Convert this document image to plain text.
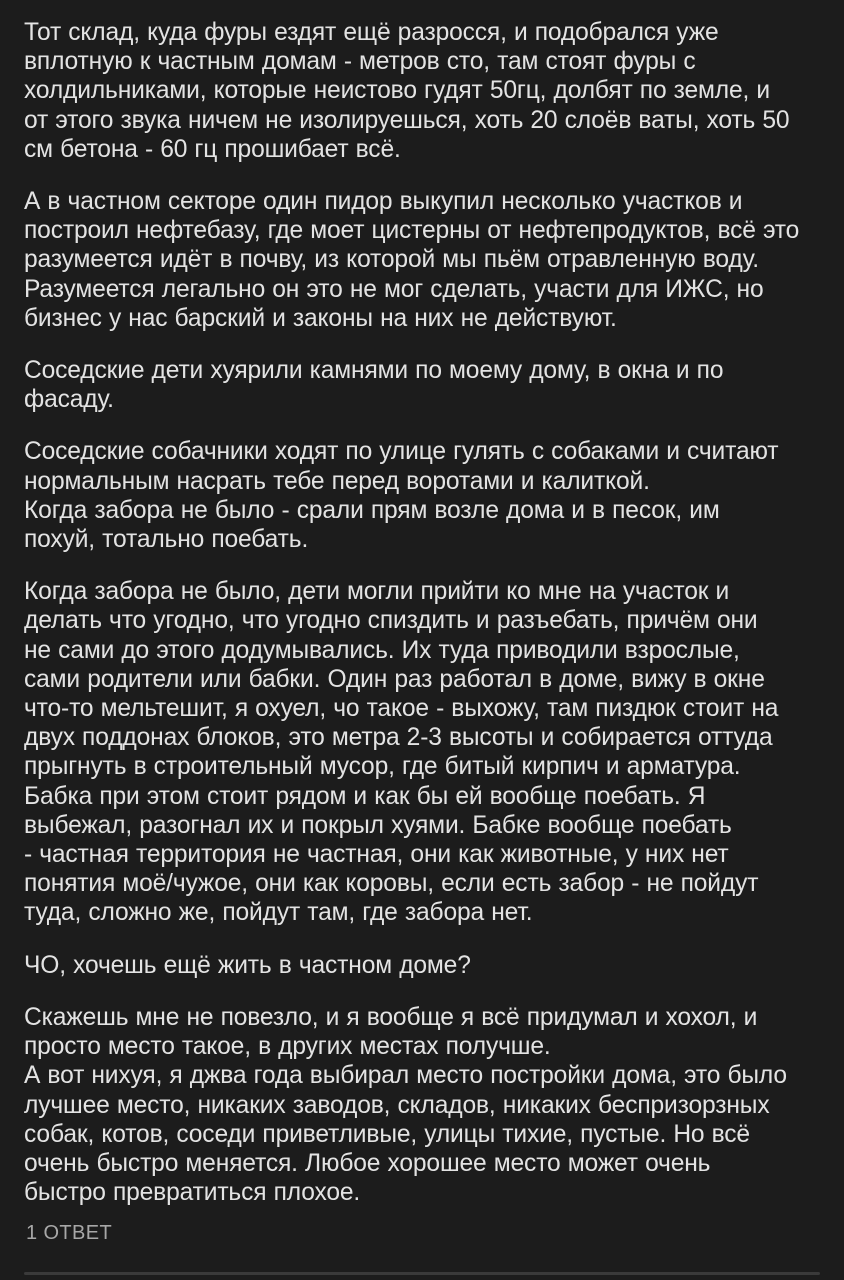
Тот склад, куда фуры ездят ещё разросся, и подобрался уже
вплотную к частным домам - метров сто, там стоят фуры с
холдильниками, которые неистово гудят 50гц, долбят по земле, и
от этого звука ничем не изолируешься, хоть 20 слоёв ваты, хоть 50
см бетона - 60 гц прошибает всё.

А в частном секторе один пидор выкупил несколько участков и
построил нефтебазу, где моет цистерны от нефтепродуктов, всё это
разумеется идёт в почву, из которой мы пьём отравленную воду.
Разумеется легально он это не мог сделать, участи для ИЖС, но
бизнес у нас барский и законы на них не действуют.

Соседские дети хуярили камнями по моему дому, в окна и по
фасаду.

Соседские собачники ходят по улице гулять с собаками и считают
нормальным насрать тебе перед воротами и калиткой.
Когда забора не было - срали прям возле дома и в песок, им
похуй, тотально поебать.

Когда забора не было, дети могли прийти ко мне на участок и
делать что угодно, что угодно спиздить и разъебать, причём они
не сами до этого додумывались. Их туда приводили взрослые,
сами родители или бабки. Один раз работал в доме, вижу в окне
что-то мельтешит, я охуел, чо такое - выхожу, там пиздюк стоит на
двух поддонах блоков, это метра 2-3 высоты и собирается оттуда
прыгнуть в строительный мусор, где битый кирпич и арматура.
Бабка при этом стоит рядом и как бы ей вообще поебать. Я
выбежал, разогнал их и покрыл хуями. Бабке вообще поебать
- частная территория не частная, они как животные, у них нет
понятия моё/чужое, они как коровы, если есть забор - не пойдут
туда, сложно же, пойдут там, где забора нет.

ЧО, хочешь ещё жить в частном доме?

Скажешь мне не повезло, и я вообще я всё придумал и хохол, и
просто место такое, в других местах получше.
А вот нихуя, я джва года выбирал место постройки дома, это было
лучшее место, никаких заводов, складов, никаких беспризорзных
собак, котов, соседи приветливые, улицы тихие, пустые. Но всё
очень быстро меняется. Любое хорошее место может очень
быстро превратиться плохое.

1 ОТВЕТ
